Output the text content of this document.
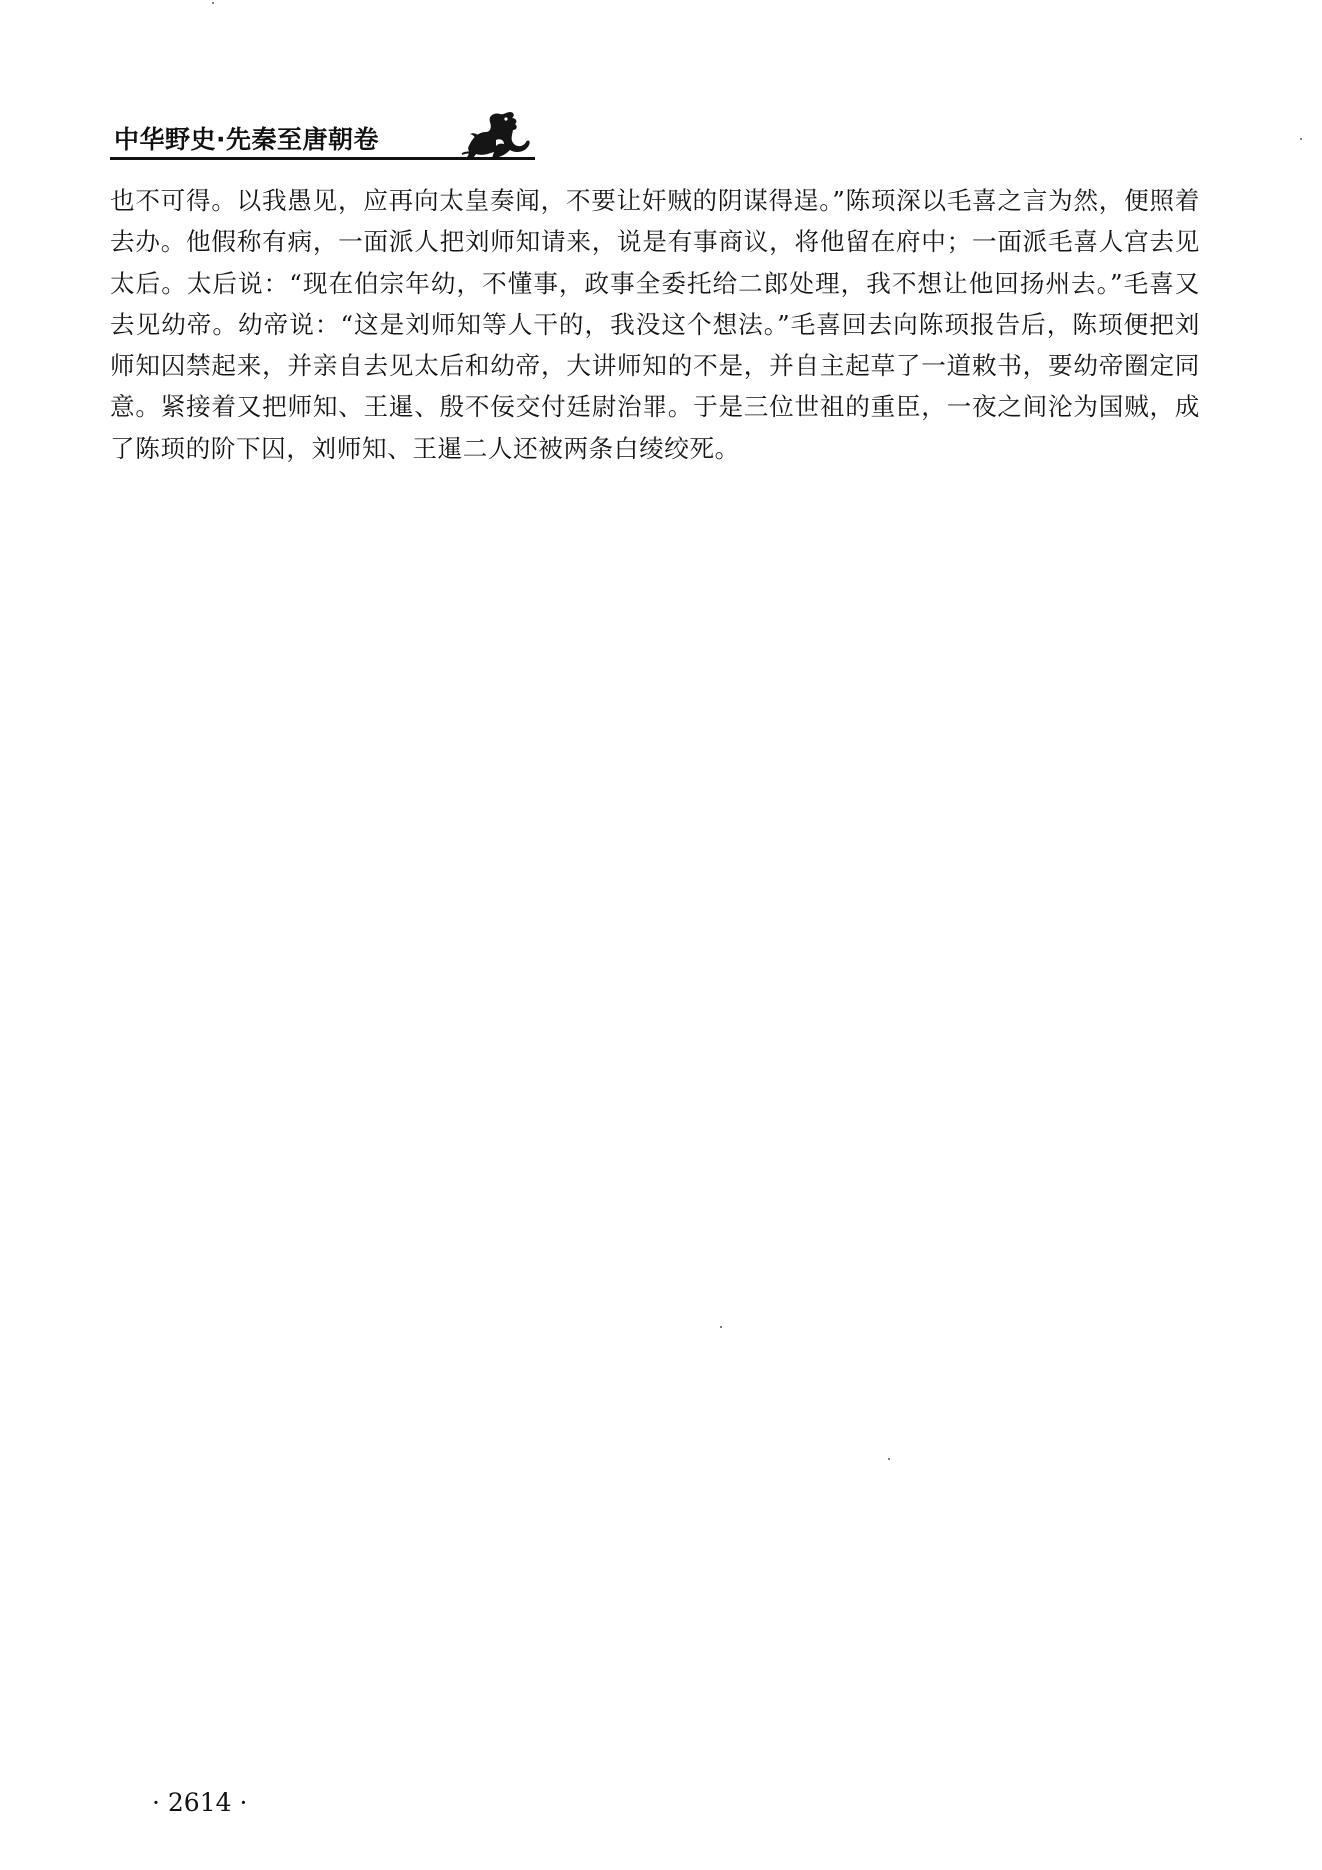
中华野史·先秦至唐朝卷

也不可得。以我愚见，应再向太皇奏闻，不要让奸贼的阴谋得逞。”陈顼深以毛喜之言为然，便照着去办。他假称有病，一面派人把刘师知请来，说是有事商议，将他留在府中；一面派毛喜人宫去见太后。太后说：“现在伯宗年幼，不懂事，政事全委托给二郎处理，我不想让他回扬州去。”毛喜又去见幼帝。幼帝说：“这是刘师知等人干的，我没这个想法。”毛喜回去向陈顼报告后，陈顼便把刘师知囚禁起来，并亲自去见太后和幼帝，大讲师知的不是，并自主起草了一道敕书，要幼帝圈定同意。紧接着又把师知、王暹、殷不佞交付廷尉治罪。于是三位世祖的重臣，一夜之间沦为国贼，成了陈顼的阶下囚，刘师知、王暹二人还被两条白绫绞死。

· 2614 ·
